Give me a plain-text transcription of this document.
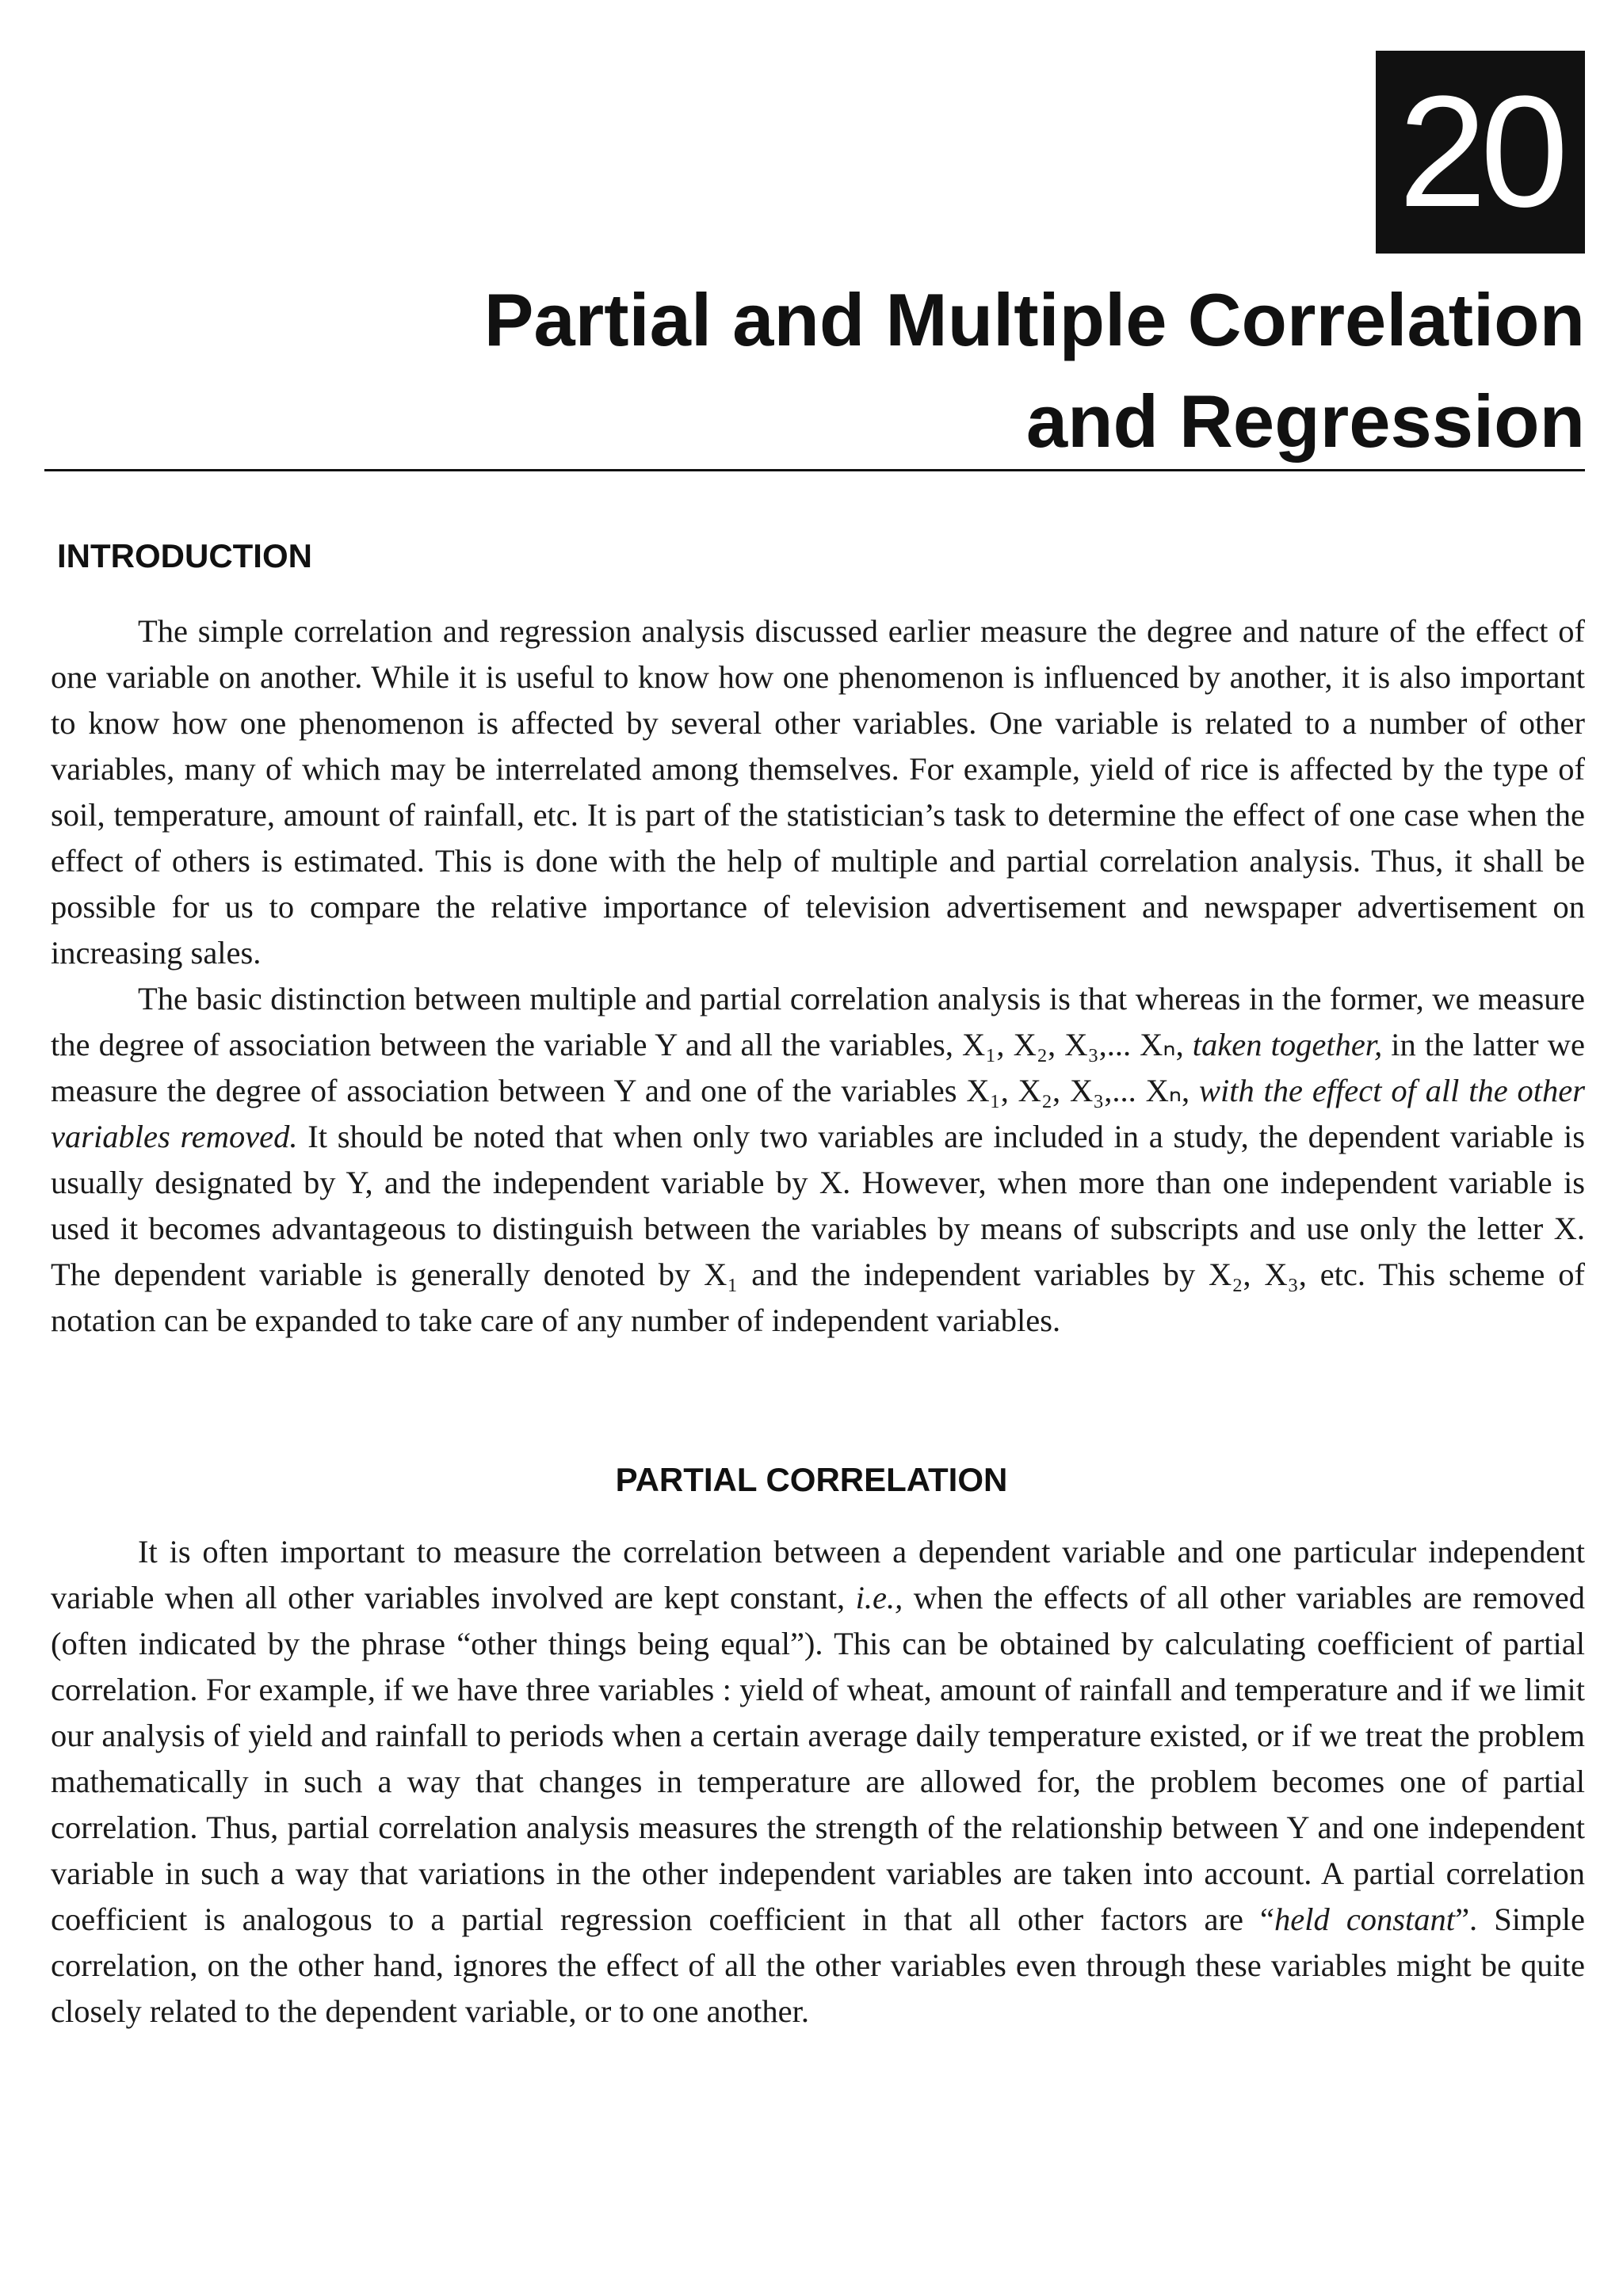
20
Partial and Multiple Correlation
and Regression
INTRODUCTION

The simple correlation and regression analysis discussed earlier measure the degree and nature of the effect of one variable on another. While it is useful to know how one phenomenon is influenced by another, it is also important to know how one phenomenon is affected by several other variables. One variable is related to a number of other variables, many of which may be interrelated among themselves. For example, yield of rice is affected by the type of soil, temperature, amount of rainfall, etc. It is part of the statistician’s task to determine the effect of one case when the effect of others is estimated. This is done with the help of multiple and partial correlation analysis. Thus, it shall be possible for us to compare the relative importance of television advertisement and newspaper advertisement on increasing sales.

The basic distinction between multiple and partial correlation analysis is that whereas in the former, we measure the degree of association between the variable Y and all the variables, X₁, X₂, X₃,... Xₙ, taken together, in the latter we measure the degree of association between Y and one of the variables X₁, X₂, X₃,... Xₙ, with the effect of all the other variables removed. It should be noted that when only two variables are included in a study, the dependent variable is usually designated by Y, and the independent variable by X. However, when more than one independent variable is used it becomes advantageous to distinguish between the variables by means of subscripts and use only the letter X. The dependent variable is generally denoted by X₁ and the independent variables by X₂, X₃, etc. This scheme of notation can be expanded to take care of any number of independent variables.

PARTIAL CORRELATION

It is often important to measure the correlation between a dependent variable and one particular independent variable when all other variables involved are kept constant, i.e., when the effects of all other variables are removed (often indicated by the phrase “other things being equal”). This can be obtained by calculating coefficient of partial correlation. For example, if we have three variables : yield of wheat, amount of rainfall and temperature and if we limit our analysis of yield and rainfall to periods when a certain average daily temperature existed, or if we treat the problem mathematically in such a way that changes in temperature are allowed for, the problem becomes one of partial correlation. Thus, partial correlation analysis measures the strength of the relationship between Y and one independent variable in such a way that variations in the other independent variables are taken into account. A partial correlation coefficient is analogous to a partial regression coefficient in that all other factors are “held constant”. Simple correlation, on the other hand, ignores the effect of all the other variables even through these variables might be quite closely related to the dependent variable, or to one another.
